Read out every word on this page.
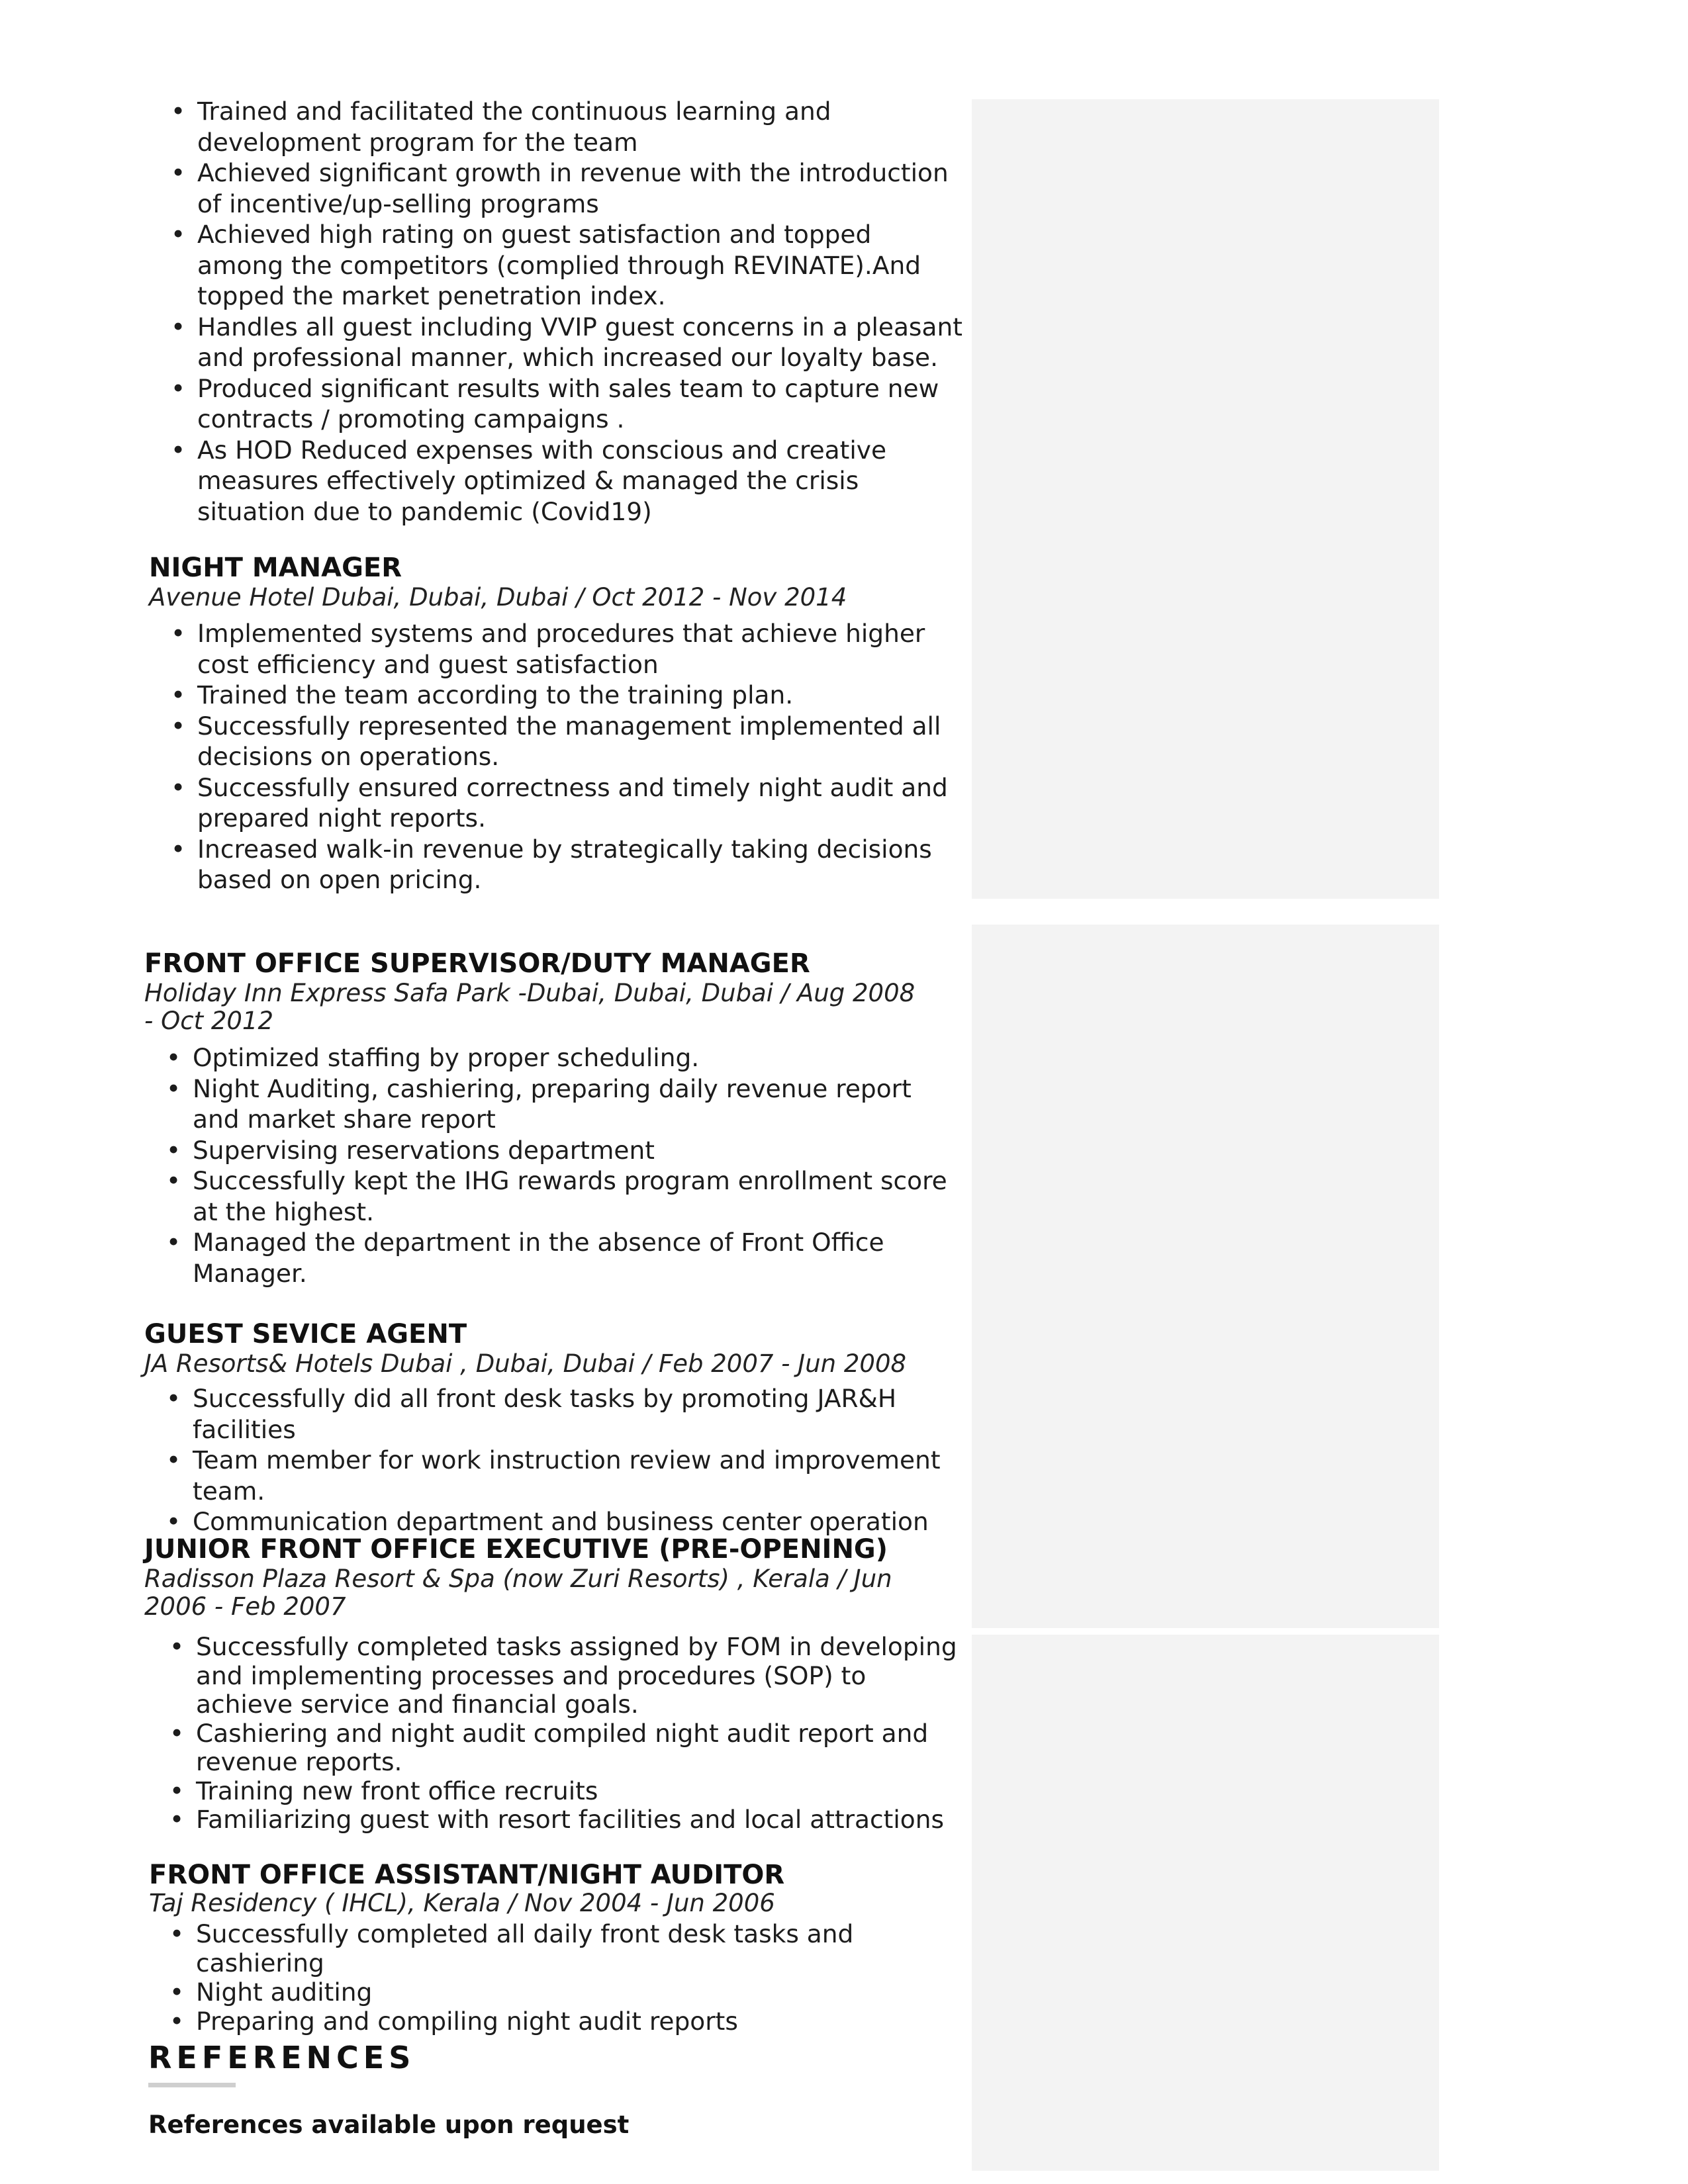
• Trained and facilitated the continuous learning and development program for the team
• Achieved significant growth in revenue with the introduction of incentive/up-selling programs
• Achieved high rating on guest satisfaction and topped among the competitors (complied through REVINATE).And topped the market penetration index.
• Handles all guest including VVIP guest concerns in a pleasant and professional manner, which increased our loyalty base.
• Produced significant results with sales team to capture new contracts / promoting campaigns .
• As HOD Reduced expenses with conscious and creative measures effectively optimized & managed the crisis situation due to pandemic (Covid19)
NIGHT MANAGER
Avenue Hotel Dubai, Dubai, Dubai / Oct 2012 - Nov 2014
• Implemented systems and procedures that achieve higher cost efficiency and guest satisfaction
• Trained the team according to the training plan.
• Successfully represented the management implemented all decisions on operations.
• Successfully ensured correctness and timely night audit and prepared night reports.
• Increased walk-in revenue by strategically taking decisions based on open pricing.
FRONT OFFICE SUPERVISOR/DUTY MANAGER
Holiday Inn Express Safa Park -Dubai, Dubai, Dubai / Aug 2008 - Oct 2012
• Optimized staffing by proper scheduling.
• Night Auditing, cashiering, preparing daily revenue report and market share report
• Supervising reservations department
• Successfully kept the IHG rewards program enrollment score at the highest.
• Managed the department in the absence of Front Office Manager.
GUEST SEVICE AGENT
JA Resorts& Hotels Dubai , Dubai, Dubai / Feb 2007 - Jun 2008
• Successfully did all front desk tasks by promoting JAR&H facilities
• Team member for work instruction review and improvement team.
• Communication department and business center operation
JUNIOR FRONT OFFICE EXECUTIVE (PRE-OPENING)
Radisson Plaza Resort & Spa (now Zuri Resorts) , Kerala / Jun 2006 - Feb 2007
• Successfully completed tasks assigned by FOM in developing and implementing processes and procedures (SOP) to achieve service and financial goals.
• Cashiering and night audit compiled night audit report and revenue reports.
• Training new front office recruits
• Familiarizing guest with resort facilities and local attractions
FRONT OFFICE ASSISTANT/NIGHT AUDITOR
Taj Residency ( IHCL), Kerala / Nov 2004 - Jun 2006
• Successfully completed all daily front desk tasks and cashiering
• Night auditing
• Preparing and compiling night audit reports
REFERENCES
References available upon request
